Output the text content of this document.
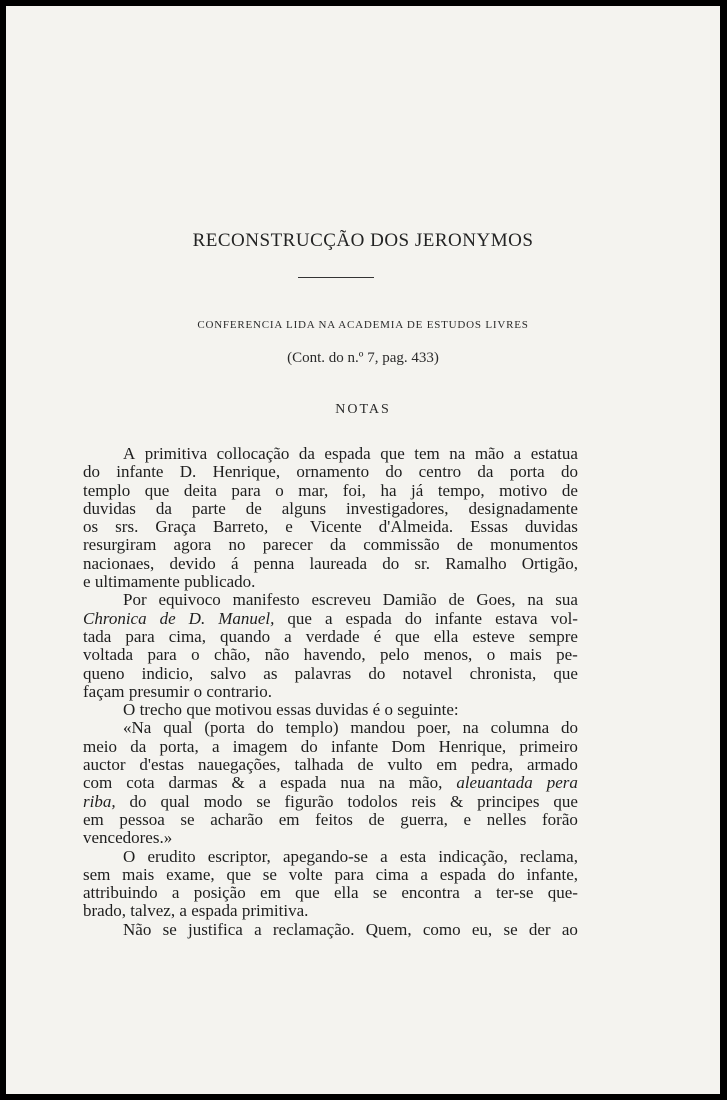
RECONSTRUCÇÃO DOS JERONYMOS
CONFERENCIA LIDA NA ACADEMIA DE ESTUDOS LIVRES
(Cont. do n.º 7, pag. 433)
NOTAS
A primitiva collocação da espada que tem na mão a estatua
do infante D. Henrique, ornamento do centro da porta do
templo que deita para o mar, foi, ha já tempo, motivo de
duvidas da parte de alguns investigadores, designadamente
os srs. Graça Barreto, e Vicente d'Almeida. Essas duvidas
resurgiram agora no parecer da commissão de monumentos
nacionaes, devido á penna laureada do sr. Ramalho Ortigão,
e ultimamente publicado.
Por equivoco manifesto escreveu Damião de Goes, na sua
Chronica de D. Manuel, que a espada do infante estava vol-
tada para cima, quando a verdade é que ella esteve sempre
voltada para o chão, não havendo, pelo menos, o mais pe-
queno indicio, salvo as palavras do notavel chronista, que
façam presumir o contrario.
O trecho que motivou essas duvidas é o seguinte:
«Na qual (porta do templo) mandou poer, na columna do
meio da porta, a imagem do infante Dom Henrique, primeiro
auctor d'estas nauegações, talhada de vulto em pedra, armado
com cota darmas & a espada nua na mão, aleuantada pera
riba, do qual modo se figurão todolos reis & principes que
em pessoa se acharão em feitos de guerra, e nelles forão
vencedores.»
O erudito escriptor, apegando-se a esta indicação, reclama,
sem mais exame, que se volte para cima a espada do infante,
attribuindo a posição em que ella se encontra a ter-se que-
brado, talvez, a espada primitiva.
Não se justifica a reclamação. Quem, como eu, se der ao
